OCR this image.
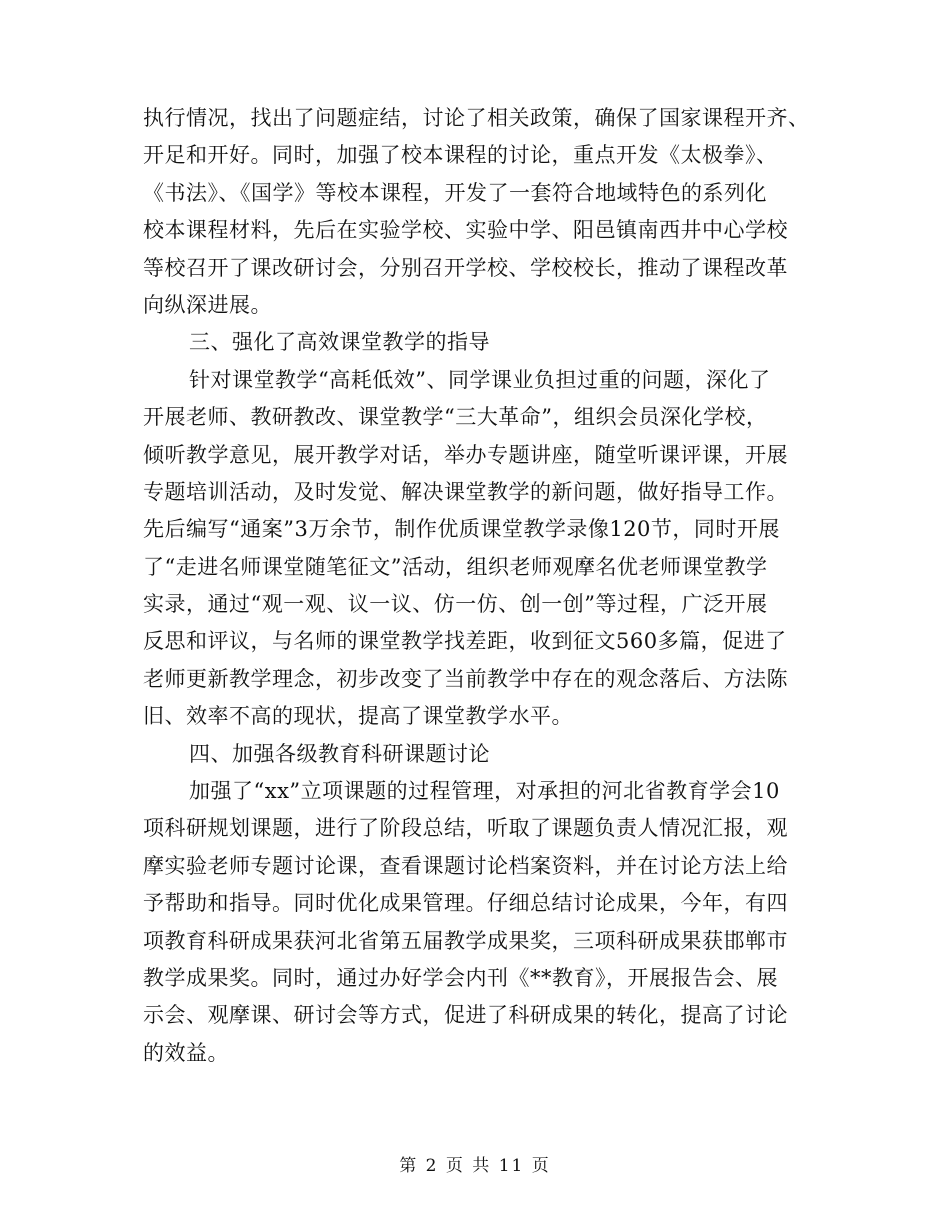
执行情况，找出了问题症结，讨论了相关政策，确保了国家课程开齐、
开足和开好。同时，加强了校本课程的讨论，重点开发《太极拳》、
《书法》、《国学》等校本课程，开发了一套符合地域特色的系列化
校本课程材料，先后在实验学校、实验中学、阳邑镇南西井中心学校
等校召开了课改研讨会，分别召开学校、学校校长，推动了课程改革
向纵深进展。
三、强化了高效课堂教学的指导
针对课堂教学“高耗低效”、同学课业负担过重的问题，深化了
开展老师、教研教改、课堂教学“三大革命”，组织会员深化学校，
倾听教学意见，展开教学对话，举办专题讲座，随堂听课评课，开展
专题培训活动，及时发觉、解决课堂教学的新问题，做好指导工作。
先后编写“通案”3万余节，制作优质课堂教学录像120节，同时开展
了“走进名师课堂随笔征文”活动，组织老师观摩名优老师课堂教学
实录，通过“观一观、议一议、仿一仿、创一创”等过程，广泛开展
反思和评议，与名师的课堂教学找差距，收到征文560多篇，促进了
老师更新教学理念，初步改变了当前教学中存在的观念落后、方法陈
旧、效率不高的现状，提高了课堂教学水平。
四、加强各级教育科研课题讨论
加强了“xx”立项课题的过程管理，对承担的河北省教育学会10
项科研规划课题，进行了阶段总结，听取了课题负责人情况汇报，观
摩实验老师专题讨论课，查看课题讨论档案资料，并在讨论方法上给
予帮助和指导。同时优化成果管理。仔细总结讨论成果，今年，有四
项教育科研成果获河北省第五届教学成果奖，三项科研成果获邯郸市
教学成果奖。同时，通过办好学会内刊《**教育》，开展报告会、展
示会、观摩课、研讨会等方式，促进了科研成果的转化，提高了讨论
的效益。
第 2 页 共 11 页
